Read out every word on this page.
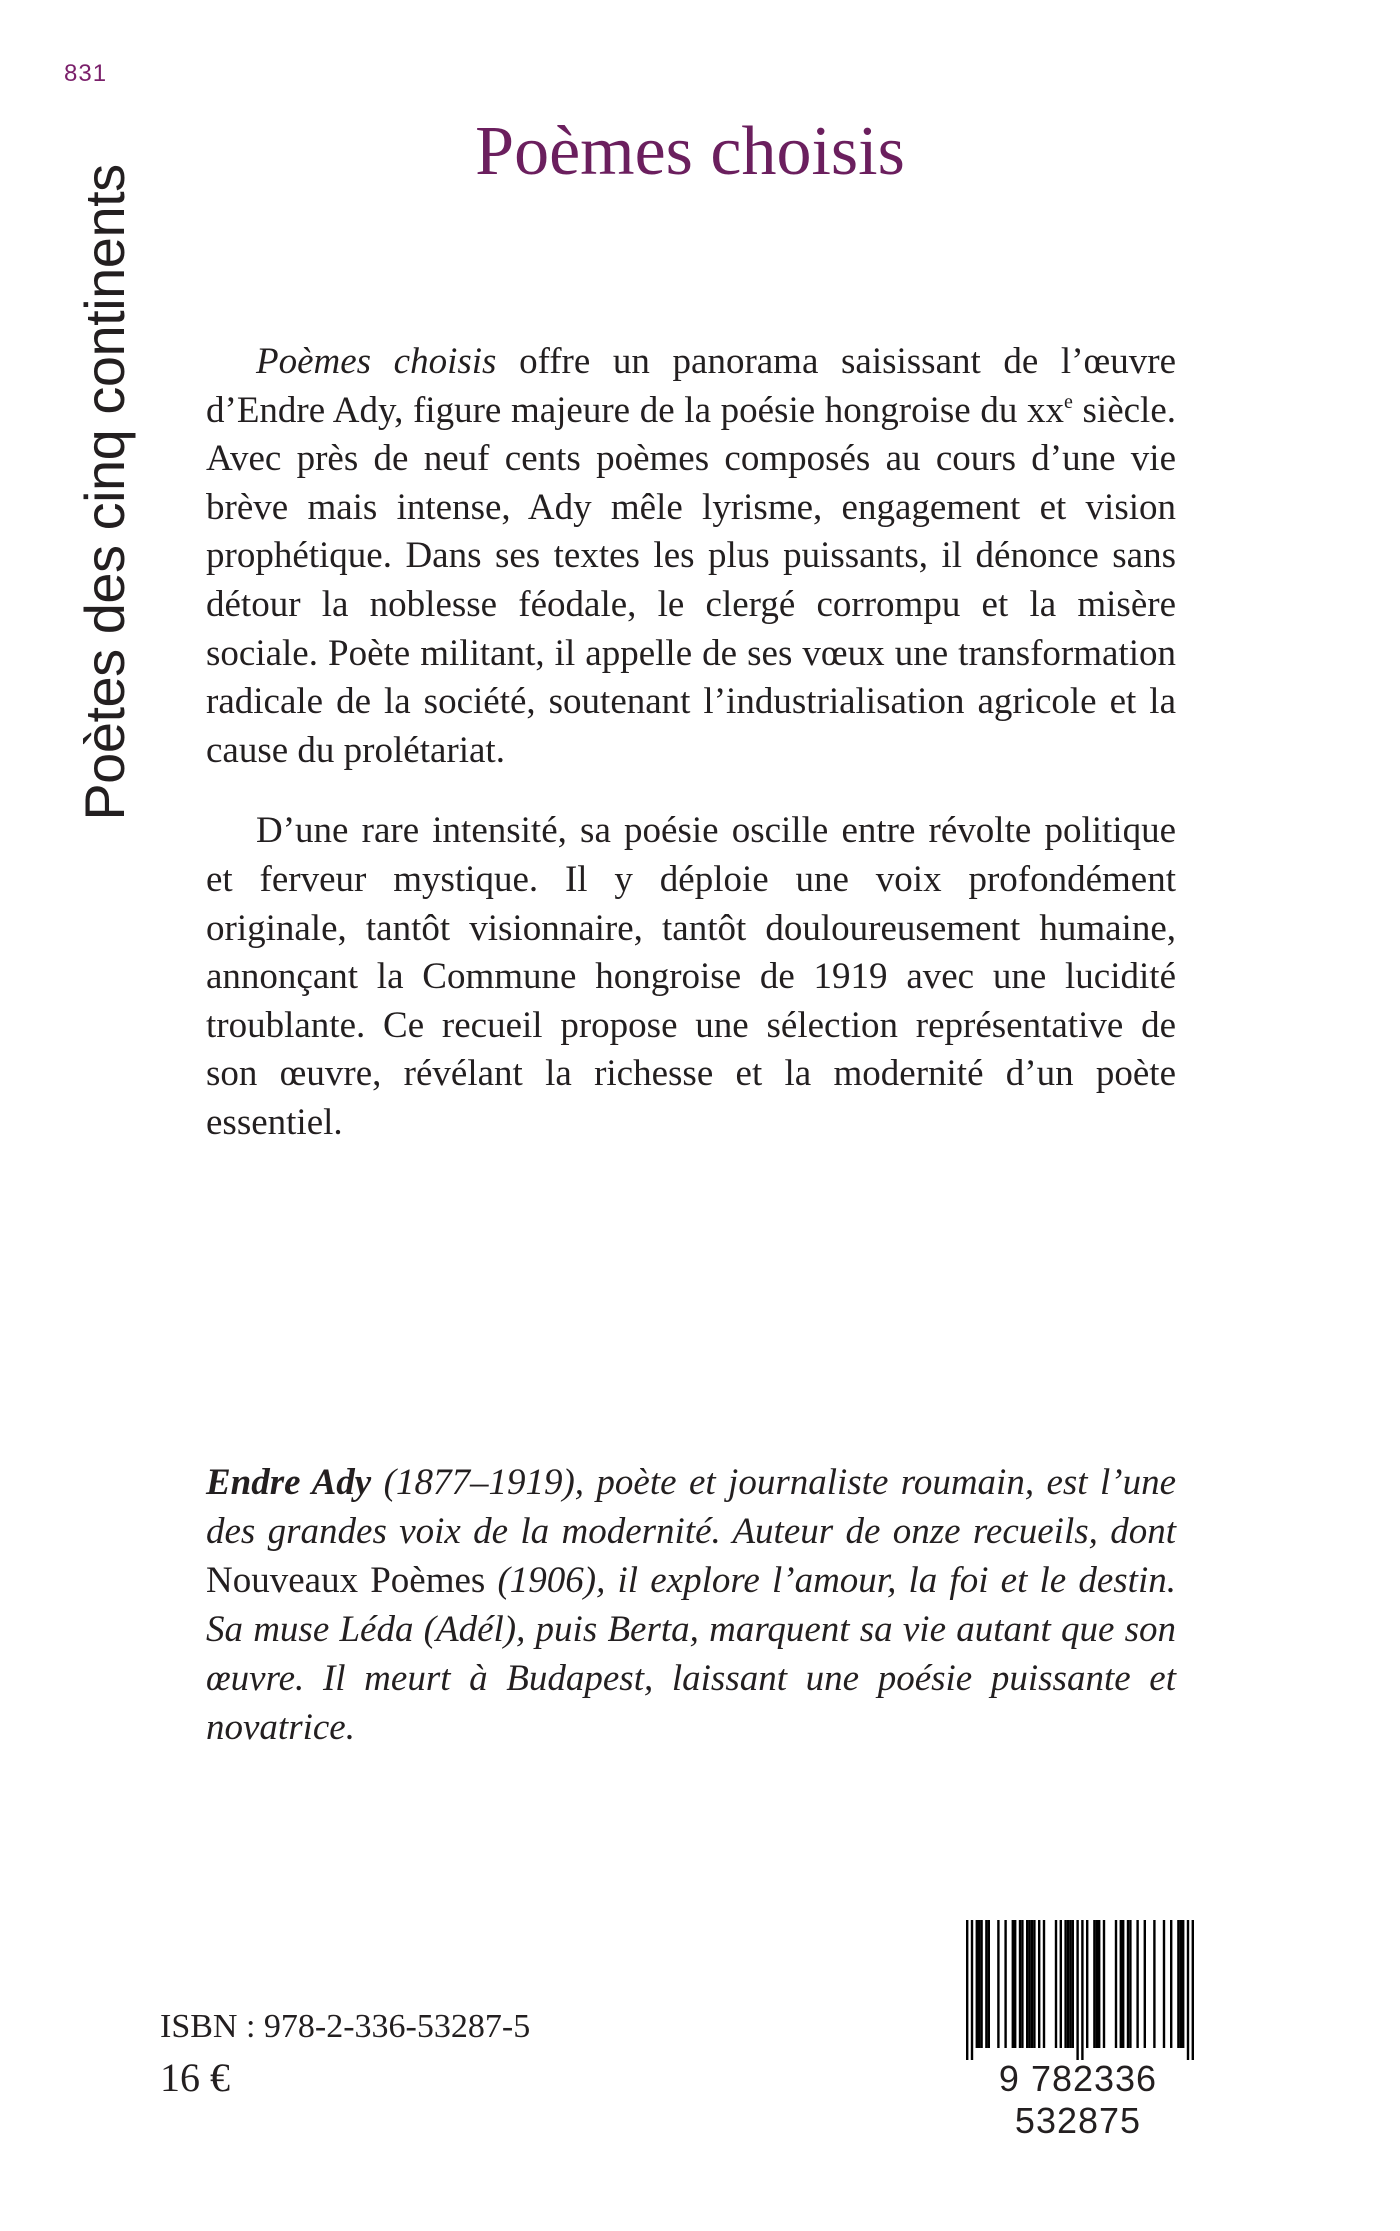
831
Poètes des cinq continents
Poèmes choisis

Poèmes choisis offre un panorama saisissant de l’œuvre d’Endre Ady, figure majeure de la poésie hongroise du $xx^e$ siècle. Avec près de neuf cents poèmes composés au cours d’une vie brève mais intense, Ady mêle lyrisme, engagement et vision prophétique. Dans ses textes les plus puissants, il dénonce sans détour la noblesse féodale, le clergé corrompu et la misère sociale. Poète militant, il appelle de ses vœux une transformation radicale de la société, soutenant l’industrialisation agricole et la cause du prolétariat.

D’une rare intensité, sa poésie oscille entre révolte politique et ferveur mystique. Il y déploie une voix profondément originale, tantôt visionnaire, tantôt douloureusement humaine, annonçant la Commune hongroise de 1919 avec une lucidité troublante. Ce recueil propose une sélection représentative de son œuvre, révélant la richesse et la modernité d’un poète essentiel.

Endre Ady (1877–1919), poète et journaliste roumain, est l’une des grandes voix de la modernité. Auteur de onze recueils, dont Nouveaux Poèmes (1906), il explore l’amour, la foi et le destin. Sa muse Léda (Adél), puis Berta, marquent sa vie autant que son œuvre. Il meurt à Budapest, laissant une poésie puissante et novatrice.

ISBN : 978-2-336-53287-5
16 €	9 782336 532875
